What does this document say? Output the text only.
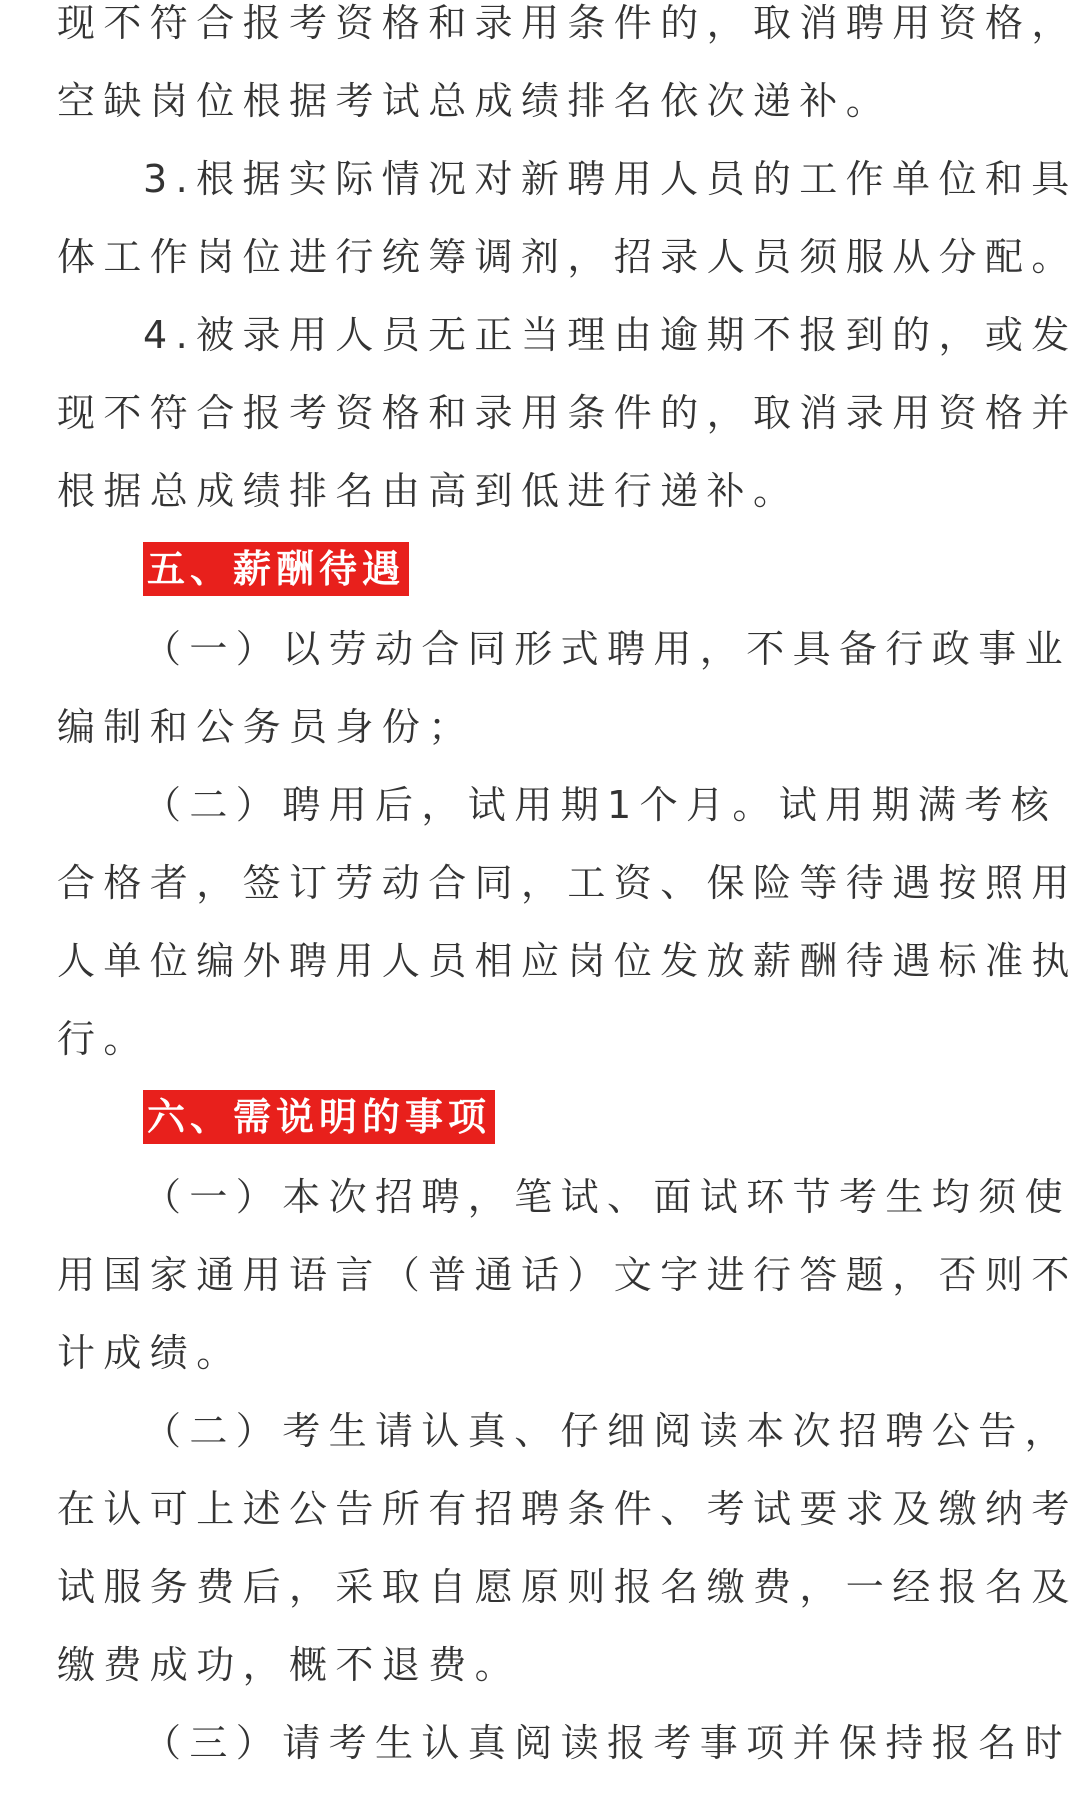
现不符合报考资格和录用条件的，取消聘用资格，
空缺岗位根据考试总成绩排名依次递补。
3.根据实际情况对新聘用人员的工作单位和具
体工作岗位进行统筹调剂，招录人员须服从分配。
4.被录用人员无正当理由逾期不报到的，或发
现不符合报考资格和录用条件的，取消录用资格并
根据总成绩排名由高到低进行递补。
五、薪酬待遇
（一）以劳动合同形式聘用，不具备行政事业
编制和公务员身份；
（二）聘用后，试用期1个月。试用期满考核
合格者，签订劳动合同，工资、保险等待遇按照用
人单位编外聘用人员相应岗位发放薪酬待遇标准执
行。
六、需说明的事项
（一）本次招聘，笔试、面试环节考生均须使
用国家通用语言（普通话）文字进行答题，否则不
计成绩。
（二）考生请认真、仔细阅读本次招聘公告，
在认可上述公告所有招聘条件、考试要求及缴纳考
试服务费后，采取自愿原则报名缴费，一经报名及
缴费成功，概不退费。
（三）请考生认真阅读报考事项并保持报名时
